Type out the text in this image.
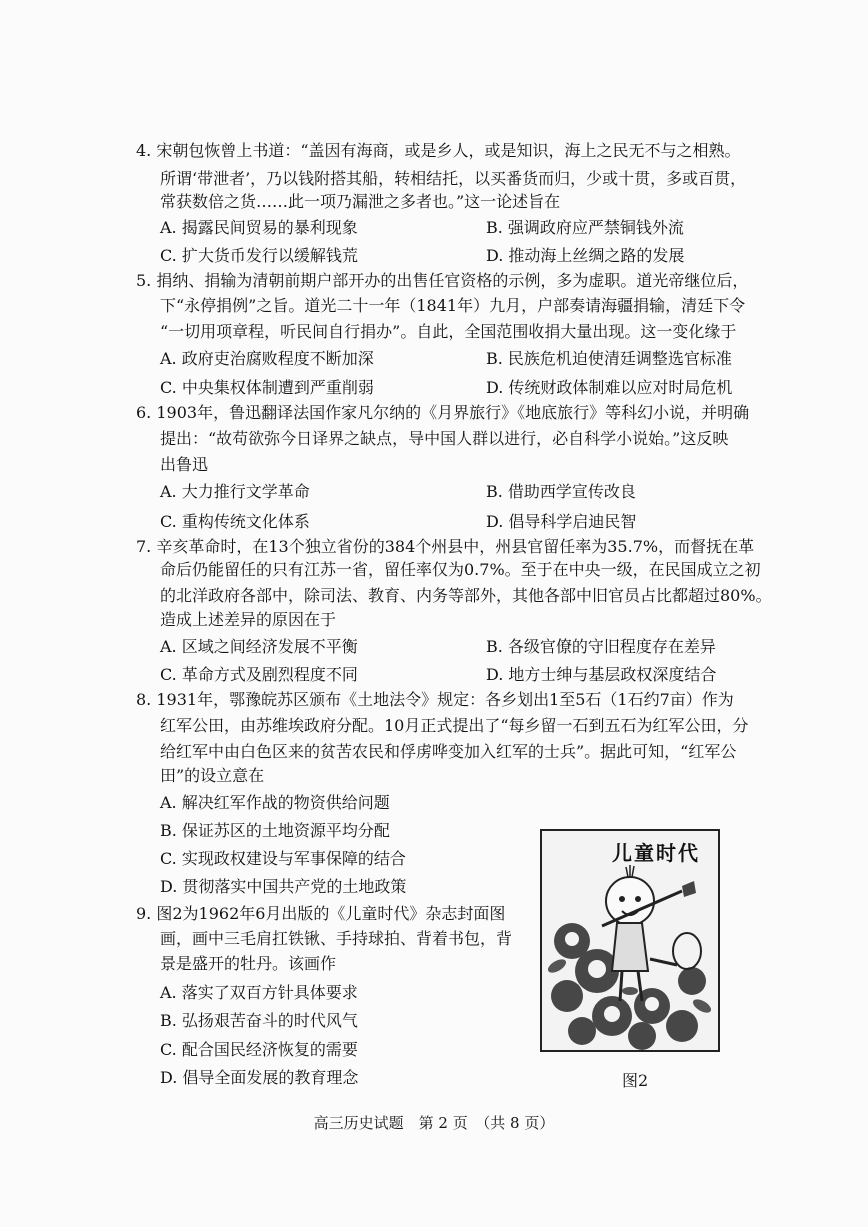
4. 宋朝包恢曾上书道：“盖因有海商，或是乡人，或是知识，海上之民无不与之相熟。
所谓‘带泄者’，乃以钱附搭其船，转相结托，以买番货而归，少或十贯，多或百贯，
常获数倍之货……此一项乃漏泄之多者也。”这一论述旨在
A. 揭露民间贸易的暴利现象	B. 强调政府应严禁铜钱外流
C. 扩大货币发行以缓解钱荒	D. 推动海上丝绸之路的发展
5. 捐纳、捐输为清朝前期户部开办的出售任官资格的示例，多为虚职。道光帝继位后，
下“永停捐例”之旨。道光二十一年（1841年）九月，户部奏请海疆捐输，清廷下令
“一切用项章程，听民间自行捐办”。自此，全国范围收捐大量出现。这一变化缘于
A. 政府吏治腐败程度不断加深	B. 民族危机迫使清廷调整选官标准
C. 中央集权体制遭到严重削弱	D. 传统财政体制难以应对时局危机
6. 1903年，鲁迅翻译法国作家凡尔纳的《月界旅行》《地底旅行》等科幻小说，并明确
提出：“故苟欲弥今日译界之缺点，导中国人群以进行，必自科学小说始。”这反映
出鲁迅
A. 大力推行文学革命	B. 借助西学宣传改良
C. 重构传统文化体系	D. 倡导科学启迪民智
7. 辛亥革命时，在13个独立省份的384个州县中，州县官留任率为35.7%，而督抚在革
命后仍能留任的只有江苏一省，留任率仅为0.7%。至于在中央一级，在民国成立之初
的北洋政府各部中，除司法、教育、内务等部外，其他各部中旧官员占比都超过80%。
造成上述差异的原因在于
A. 区域之间经济发展不平衡	B. 各级官僚的守旧程度存在差异
C. 革命方式及剧烈程度不同	D. 地方士绅与基层政权深度结合
8. 1931年，鄂豫皖苏区颁布《土地法令》规定：各乡划出1至5石（1石约7亩）作为
红军公田，由苏维埃政府分配。10月正式提出了“每乡留一石到五石为红军公田，分
给红军中由白色区来的贫苦农民和俘虏哗变加入红军的士兵”。据此可知，“红军公
田”的设立意在
A. 解决红军作战的物资供给问题
B. 保证苏区的土地资源平均分配
C. 实现政权建设与军事保障的结合
D. 贯彻落实中国共产党的土地政策
9. 图2为1962年6月出版的《儿童时代》杂志封面图
画，画中三毛肩扛铁锹、手持球拍、背着书包，背
景是盛开的牡丹。该画作
A. 落实了双百方针具体要求
B. 弘扬艰苦奋斗的时代风气
C. 配合国民经济恢复的需要
D. 倡导全面发展的教育理念
儿童时代
图2
高三历史试题　第 2 页　（共 8 页）
